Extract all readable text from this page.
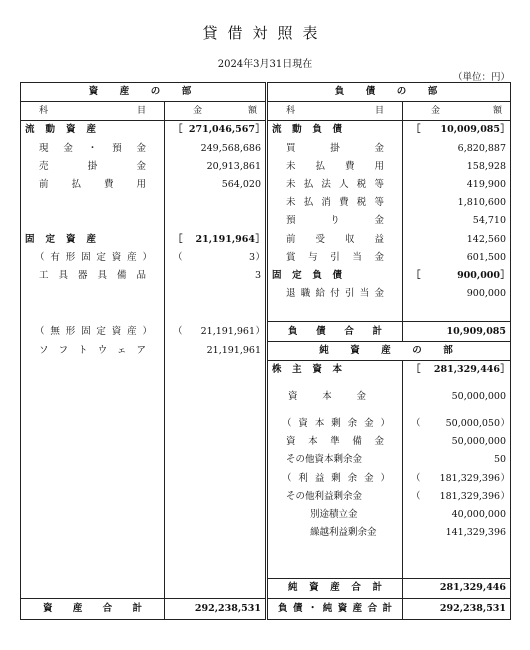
貸借対照表
2024年3月31日現在
（単位：円）
資　産　の　部		負　債　の　部	
科目	金額	科目	金額
流動資産	［ 271,046,567 ］	流動負債	［ 10,009,085 ］
現金・預金	249,568,686	買掛金	6,820,887
売掛金	20,913,861	未払費用	158,928
前払費用	564,020	未払法人税等	419,900
		未払消費税等	1,810,600
		預り金	54,710
固定資産	［ 21,191,964 ］	前受収益	142,560
（有形固定資産）	（ 3 ）	賞与引当金	601,500
工具器具備品	3	固定負債	［ 900,000 ］
		退職給付引当金	900,000

（無形固定資産）	（ 21,191,961 ）	負債合計	10,909,085
ソフトウェア	21,191,961	純　資　産　の　部	
		株主資本	［ 281,329,446 ］
		資本金	50,000,000
		（資本剰余金）	（ 50,000,050 ）
		資本準備金	50,000,000
		その他資本剰余金	50
		（利益剰余金）	（ 181,329,396 ）
		その他利益剰余金	（ 181,329,396 ）
		別途積立金	40,000,000
		繰越利益剰余金	141,329,396

		純資産合計	281,329,446
資産合計	292,238,531	負債・純資産合計	292,238,531
